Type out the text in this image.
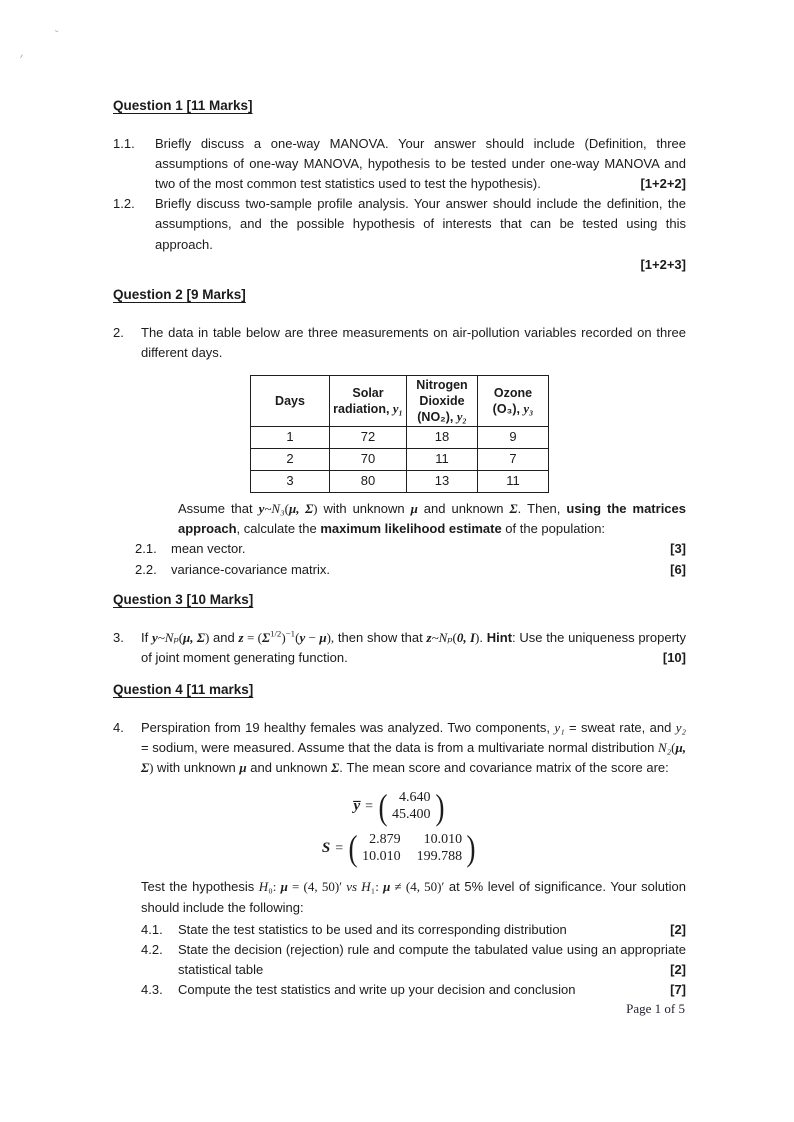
ᵕ
ᐟ
Question 1 [11 Marks]
1.1.	Briefly discuss a one-way MANOVA. Your answer should include (Definition, three assumptions of one-way MANOVA, hypothesis to be tested under one-way MANOVA and two of the most common test statistics used to test the hypothesis).	[1+2+2]
1.2.	Briefly discuss two-sample profile analysis. Your answer should include the definition, the assumptions, and the possible hypothesis of interests that can be tested using this approach.
[1+2+3]
Question 2 [9 Marks]
2.	The data in table below are three measurements on air-pollution variables recorded on three different days.
Days	Solar radiation, y₁	Nitrogen Dioxide (NO₂), y₂	Ozone (O₃), y₃
1	72	18	9
2	70	11	7
3	80	13	11
Assume that y~N₃(μ, Σ) with unknown μ and unknown Σ. Then, using the matrices approach, calculate the maximum likelihood estimate of the population:
2.1.	mean vector.	[3]
2.2.	variance-covariance matrix.	[6]
Question 3 [10 Marks]
3.	If y~Nₚ(μ, Σ) and $z = (\Sigma^{1/2})^{-1}(y - \mu)$, then show that z~Nₚ(0, I). Hint: Use the uniqueness property of joint moment generating function.	[10]
Question 4 [11 marks]
4.	Perspiration from 19 healthy females was analyzed. Two components, y₁ = sweat rate, and y₂ = sodium, were measured. Assume that the data is from a multivariate normal distribution N₂(μ, Σ) with unknown μ and unknown Σ. The mean score and covariance matrix of the score are:
y̅ = ( 4.640
45.400 )
S = ( 2.879 10.010
10.010 199.788 )
Test the hypothesis H₀: μ = (4, 50)′ vs H₁: μ ≠ (4, 50)′ at 5% level of significance. Your solution should include the following:
4.1.	State the test statistics to be used and its corresponding distribution	[2]
4.2.	State the decision (rejection) rule and compute the tabulated value using an appropriate statistical table	[2]
4.3.	Compute the test statistics and write up your decision and conclusion	[7]
Page 1 of 5
